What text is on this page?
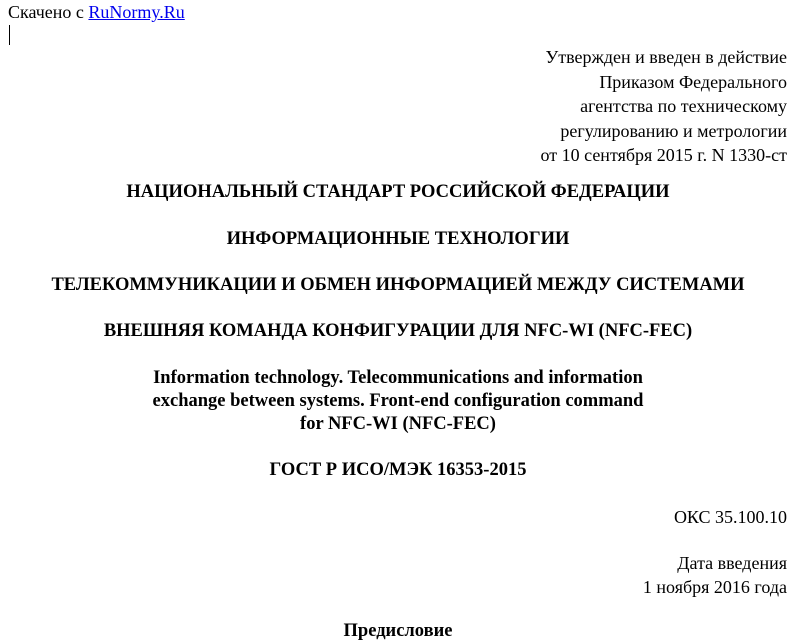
Скачено с RuNormy.Ru
Утвержден и введен в действие
Приказом Федерального
агентства по техническому
регулированию и метрологии
от 10 сентября 2015 г. N 1330-ст
НАЦИОНАЛЬНЫЙ СТАНДАРТ РОССИЙСКОЙ ФЕДЕРАЦИИ
ИНФОРМАЦИОННЫЕ ТЕХНОЛОГИИ
ТЕЛЕКОММУНИКАЦИИ И ОБМЕН ИНФОРМАЦИЕЙ МЕЖДУ СИСТЕМАМИ
ВНЕШНЯЯ КОМАНДА КОНФИГУРАЦИИ ДЛЯ NFC-WI (NFC-FEC)
Information technology. Telecommunications and information
exchange between systems. Front-end configuration command
for NFC-WI (NFC-FEC)
ГОСТ Р ИСО/МЭК 16353-2015
ОКС 35.100.10
Дата введения
1 ноября 2016 года
Предисловие
